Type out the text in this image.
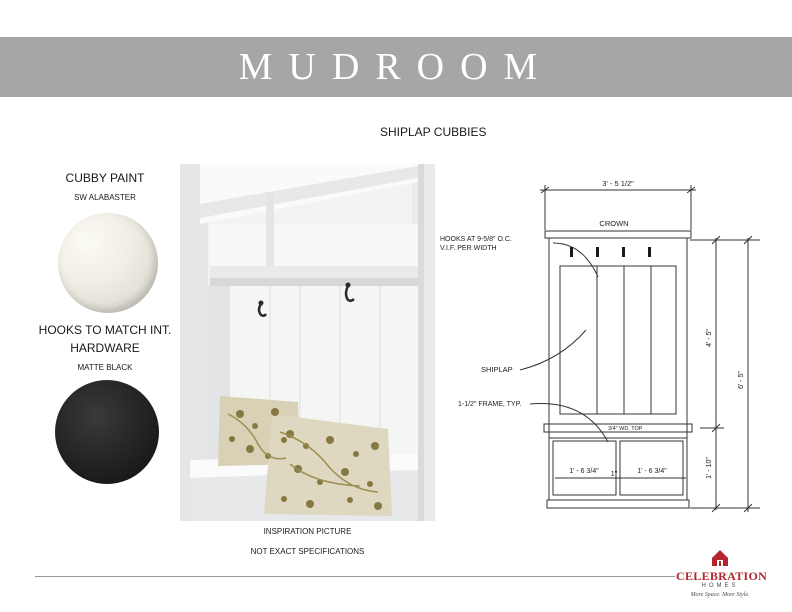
MUDROOM
SHIPLAP CUBBIES
CUBBY PAINT
SW ALABASTER
HOOKS TO MATCH INT.
HARDWARE
MATTE BLACK
INSPIRATION PICTURE
NOT EXACT SPECIFICATIONS
3' - 5 1/2"
CROWN
HOOKS AT 9-5/8" O.C.
V.I.F. PER WIDTH
SHIPLAP
1-1/2" FRAME, TYP.
3/4" WD. TOP
1"
1' - 6 3/4"	1' - 6 3/4"
4' - 5"
1' - 10"
6' - 5"
CELEBRATION
HOMES
More Space. More Style.
